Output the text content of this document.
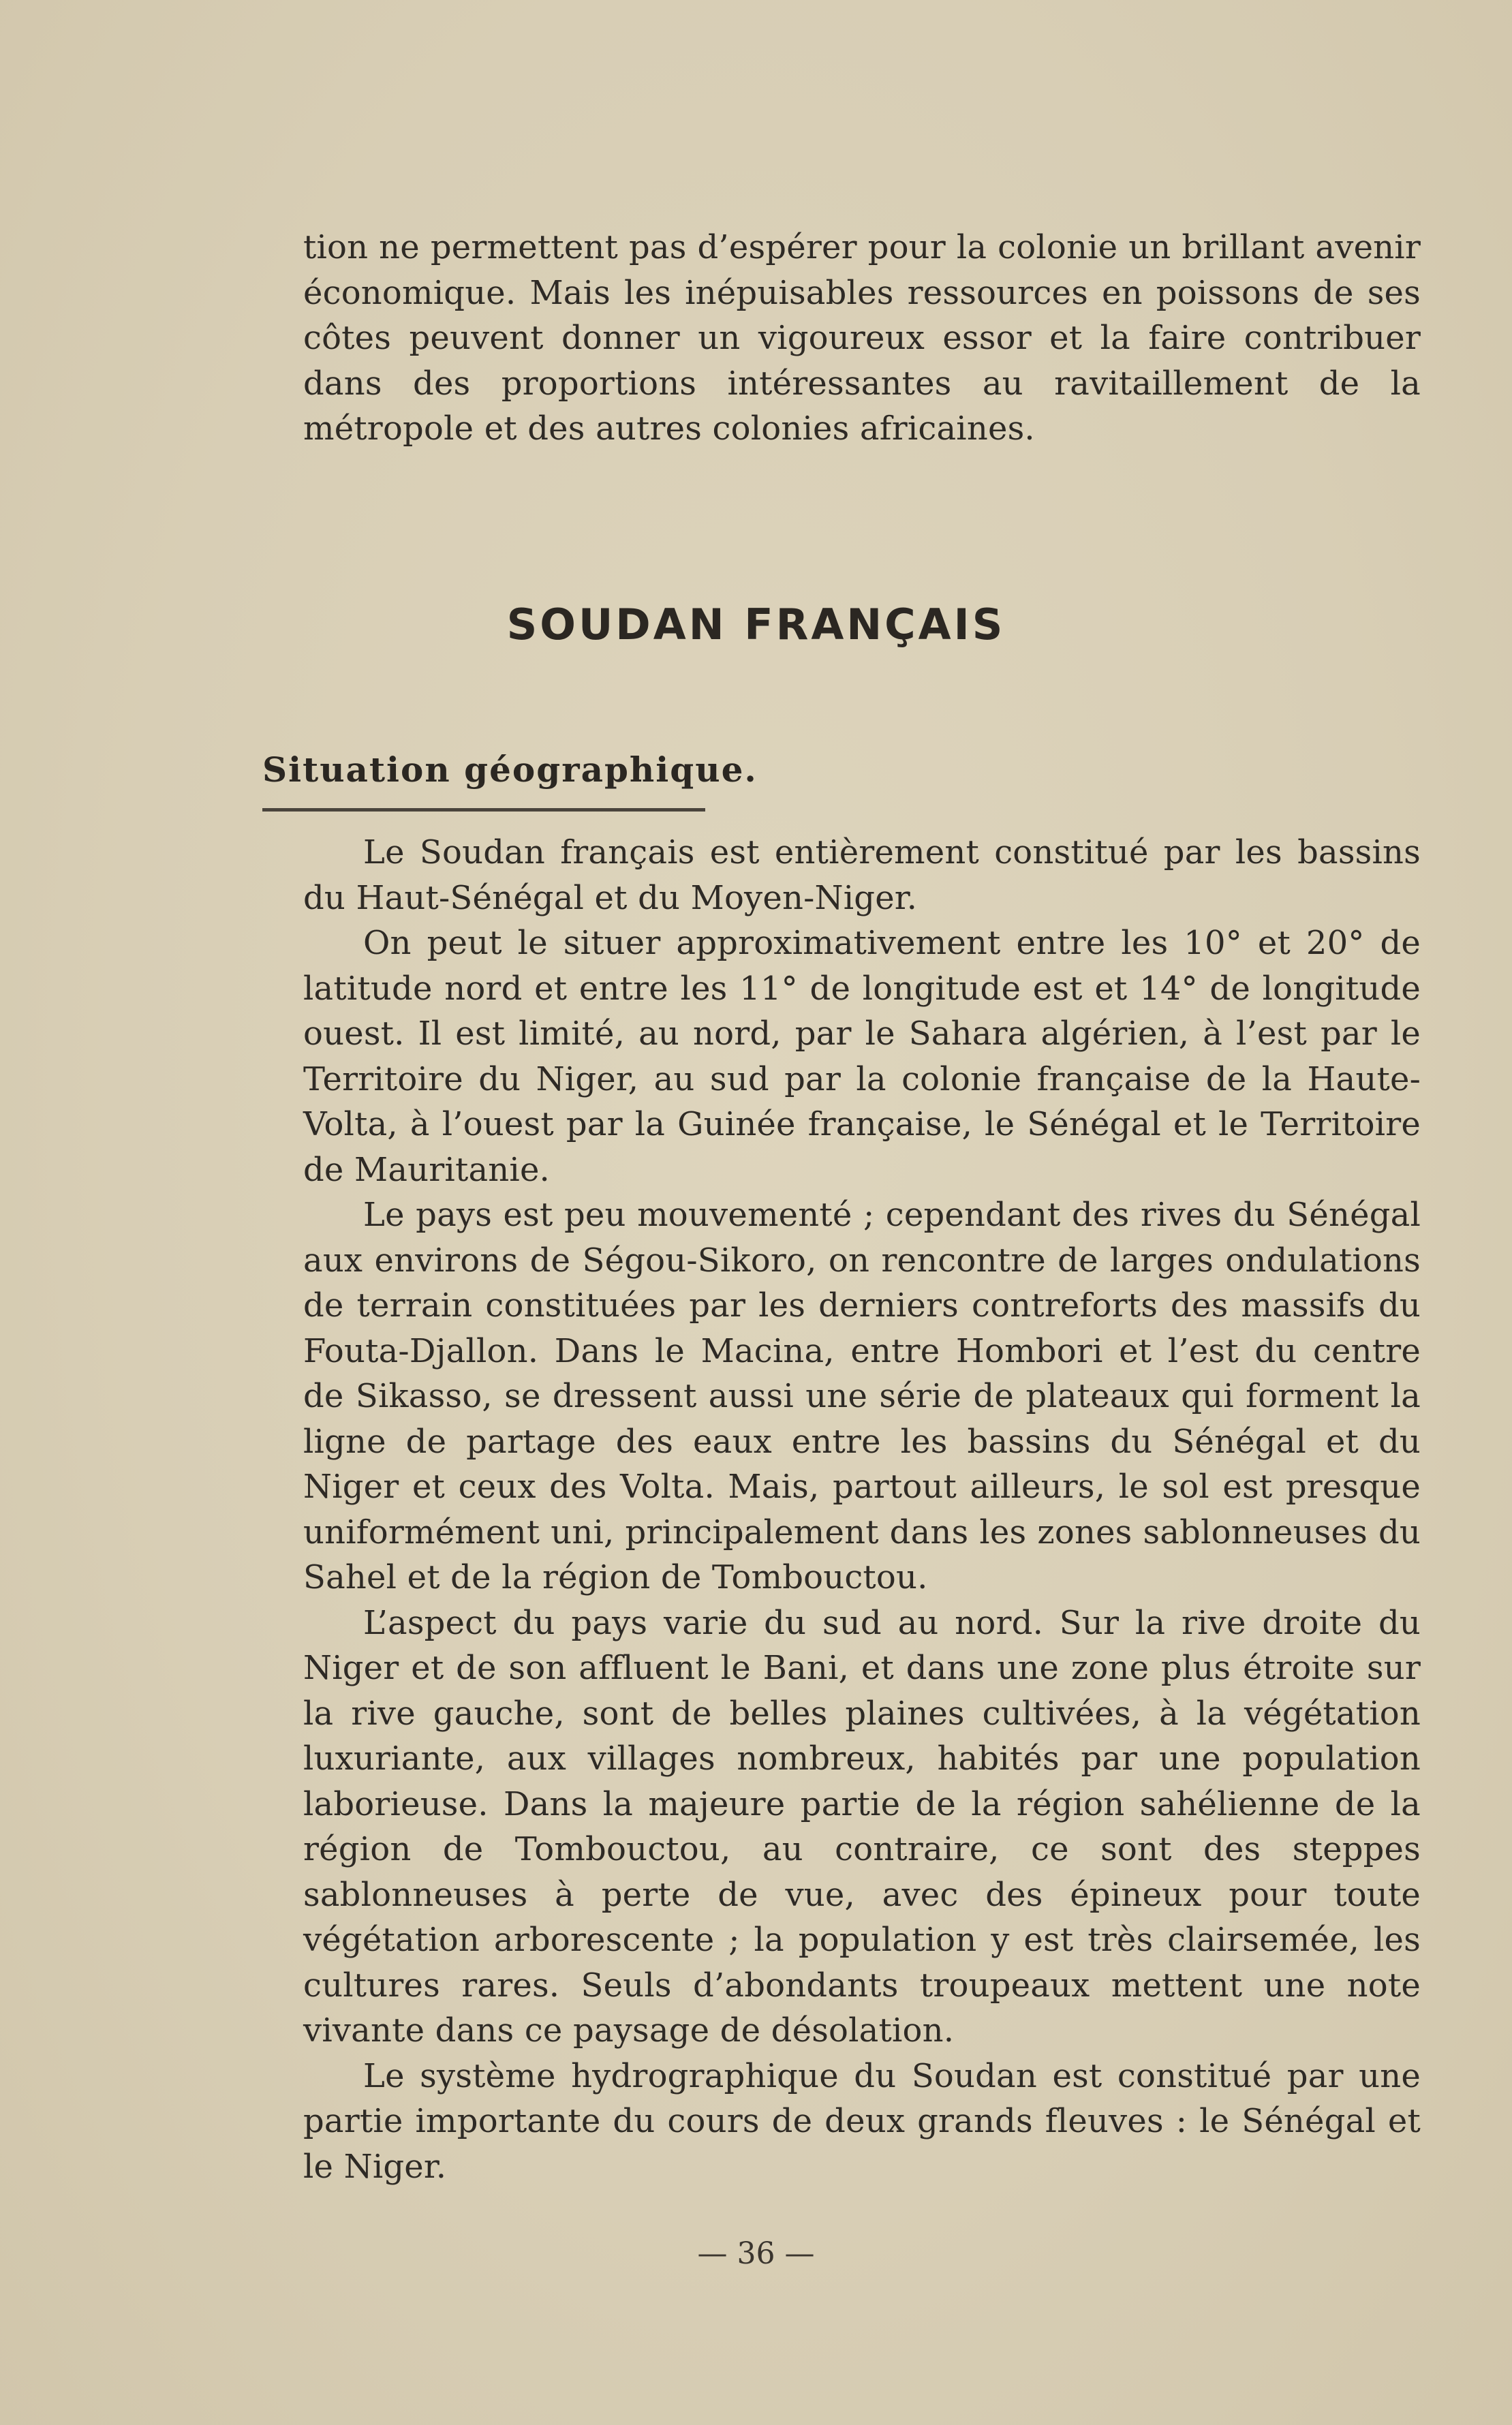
tion ne permettent pas d’espérer pour la colonie un brillant avenir économique. Mais les inépuisables ressources en poissons de ses côtes peuvent donner un vigoureux essor et la faire contribuer dans des proportions intéressantes au ravitaillement de la métropole et des autres colonies africaines.

SOUDAN FRANÇAIS
Situation géographique.

Le Soudan français est entièrement constitué par les bassins du Haut-Sénégal et du Moyen-Niger.

On peut le situer approximativement entre les 10° et 20° de latitude nord et entre les 11° de longitude est et 14° de longitude ouest. Il est limité, au nord, par le Sahara algérien, à l’est par le Territoire du Niger, au sud par la colonie française de la Haute-Volta, à l’ouest par la Guinée française, le Sénégal et le Territoire de Mauritanie.

Le pays est peu mouvementé ; cependant des rives du Sénégal aux environs de Ségou-Sikoro, on rencontre de larges ondulations de terrain constituées par les derniers contreforts des massifs du Fouta-Djallon. Dans le Macina, entre Hombori et l’est du centre de Sikasso, se dressent aussi une série de plateaux qui forment la ligne de partage des eaux entre les bassins du Sénégal et du Niger et ceux des Volta. Mais, partout ailleurs, le sol est presque uniformément uni, principalement dans les zones sablonneuses du Sahel et de la région de Tombouctou.

L’aspect du pays varie du sud au nord. Sur la rive droite du Niger et de son affluent le Bani, et dans une zone plus étroite sur la rive gauche, sont de belles plaines cultivées, à la végétation luxuriante, aux villages nombreux, habités par une population laborieuse. Dans la majeure partie de la région sahélienne de la région de Tombouctou, au contraire, ce sont des steppes sablonneuses à perte de vue, avec des épineux pour toute végétation arborescente ; la population y est très clairsemée, les cultures rares. Seuls d’abondants troupeaux mettent une note vivante dans ce paysage de désolation.

Le système hydrographique du Soudan est constitué par une partie importante du cours de deux grands fleuves : le Sénégal et le Niger.

— 36 —
